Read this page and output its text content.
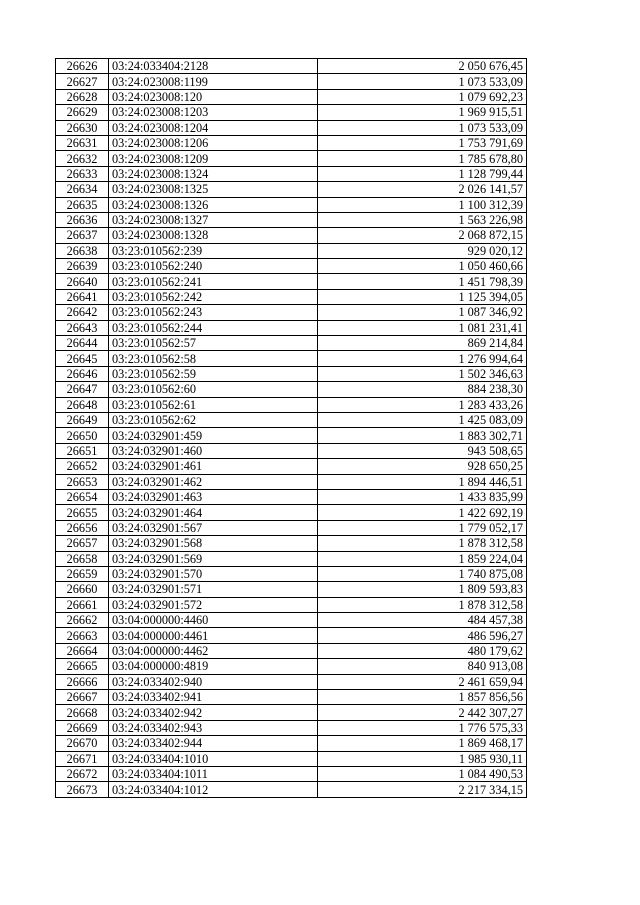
26626	03:24:033404:2128	2 050 676,45
26627	03:24:023008:1199	1 073 533,09
26628	03:24:023008:120	1 079 692,23
26629	03:24:023008:1203	1 969 915,51
26630	03:24:023008:1204	1 073 533,09
26631	03:24:023008:1206	1 753 791,69
26632	03:24:023008:1209	1 785 678,80
26633	03:24:023008:1324	1 128 799,44
26634	03:24:023008:1325	2 026 141,57
26635	03:24:023008:1326	1 100 312,39
26636	03:24:023008:1327	1 563 226,98
26637	03:24:023008:1328	2 068 872,15
26638	03:23:010562:239	929 020,12
26639	03:23:010562:240	1 050 460,66
26640	03:23:010562:241	1 451 798,39
26641	03:23:010562:242	1 125 394,05
26642	03:23:010562:243	1 087 346,92
26643	03:23:010562:244	1 081 231,41
26644	03:23:010562:57	869 214,84
26645	03:23:010562:58	1 276 994,64
26646	03:23:010562:59	1 502 346,63
26647	03:23:010562:60	884 238,30
26648	03:23:010562:61	1 283 433,26
26649	03:23:010562:62	1 425 083,09
26650	03:24:032901:459	1 883 302,71
26651	03:24:032901:460	943 508,65
26652	03:24:032901:461	928 650,25
26653	03:24:032901:462	1 894 446,51
26654	03:24:032901:463	1 433 835,99
26655	03:24:032901:464	1 422 692,19
26656	03:24:032901:567	1 779 052,17
26657	03:24:032901:568	1 878 312,58
26658	03:24:032901:569	1 859 224,04
26659	03:24:032901:570	1 740 875,08
26660	03:24:032901:571	1 809 593,83
26661	03:24:032901:572	1 878 312,58
26662	03:04:000000:4460	484 457,38
26663	03:04:000000:4461	486 596,27
26664	03:04:000000:4462	480 179,62
26665	03:04:000000:4819	840 913,08
26666	03:24:033402:940	2 461 659,94
26667	03:24:033402:941	1 857 856,56
26668	03:24:033402:942	2 442 307,27
26669	03:24:033402:943	1 776 575,33
26670	03:24:033402:944	1 869 468,17
26671	03:24:033404:1010	1 985 930,11
26672	03:24:033404:1011	1 084 490,53
26673	03:24:033404:1012	2 217 334,15
